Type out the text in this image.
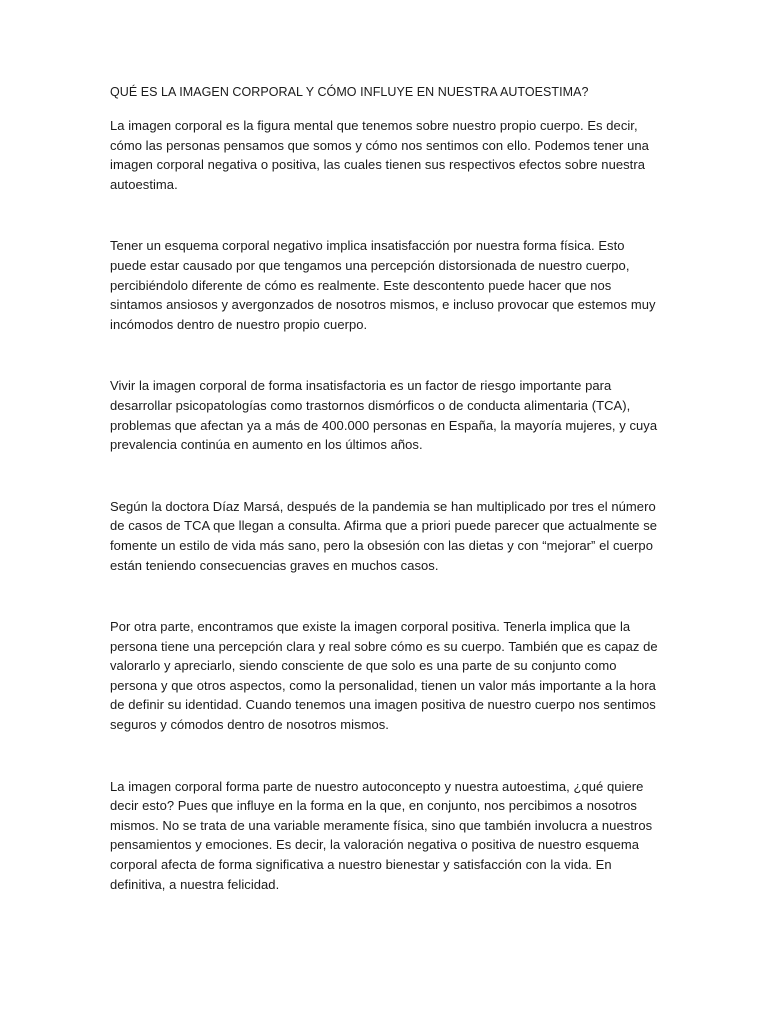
QUÉ ES LA IMAGEN CORPORAL Y CÓMO INFLUYE EN NUESTRA AUTOESTIMA?

La imagen corporal es la figura mental que tenemos sobre nuestro propio cuerpo. Es decir, cómo las personas pensamos que somos y cómo nos sentimos con ello. Podemos tener una imagen corporal negativa o positiva, las cuales tienen sus respectivos efectos sobre nuestra autoestima.

Tener un esquema corporal negativo implica insatisfacción por nuestra forma física. Esto puede estar causado por que tengamos una percepción distorsionada de nuestro cuerpo, percibiéndolo diferente de cómo es realmente. Este descontento puede hacer que nos sintamos ansiosos y avergonzados de nosotros mismos, e incluso provocar que estemos muy incómodos dentro de nuestro propio cuerpo.

Vivir la imagen corporal de forma insatisfactoria es un factor de riesgo importante para desarrollar psicopatologías como trastornos dismórficos o de conducta alimentaria (TCA), problemas que afectan ya a más de 400.000 personas en España, la mayoría mujeres, y cuya prevalencia continúa en aumento en los últimos años.

Según la doctora Díaz Marsá, después de la pandemia se han multiplicado por tres el número de casos de TCA que llegan a consulta. Afirma que a priori puede parecer que actualmente se fomente un estilo de vida más sano, pero la obsesión con las dietas y con “mejorar” el cuerpo están teniendo consecuencias graves en muchos casos.

Por otra parte, encontramos que existe la imagen corporal positiva. Tenerla implica que la persona tiene una percepción clara y real sobre cómo es su cuerpo. También que es capaz de valorarlo y apreciarlo, siendo consciente de que solo es una parte de su conjunto como persona y que otros aspectos, como la personalidad, tienen un valor más importante a la hora de definir su identidad. Cuando tenemos una imagen positiva de nuestro cuerpo nos sentimos seguros y cómodos dentro de nosotros mismos.

La imagen corporal forma parte de nuestro autoconcepto y nuestra autoestima, ¿qué quiere decir esto? Pues que influye en la forma en la que, en conjunto, nos percibimos a nosotros mismos. No se trata de una variable meramente física, sino que también involucra a nuestros pensamientos y emociones. Es decir, la valoración negativa o positiva de nuestro esquema corporal afecta de forma significativa a nuestro bienestar y satisfacción con la vida. En definitiva, a nuestra felicidad.
